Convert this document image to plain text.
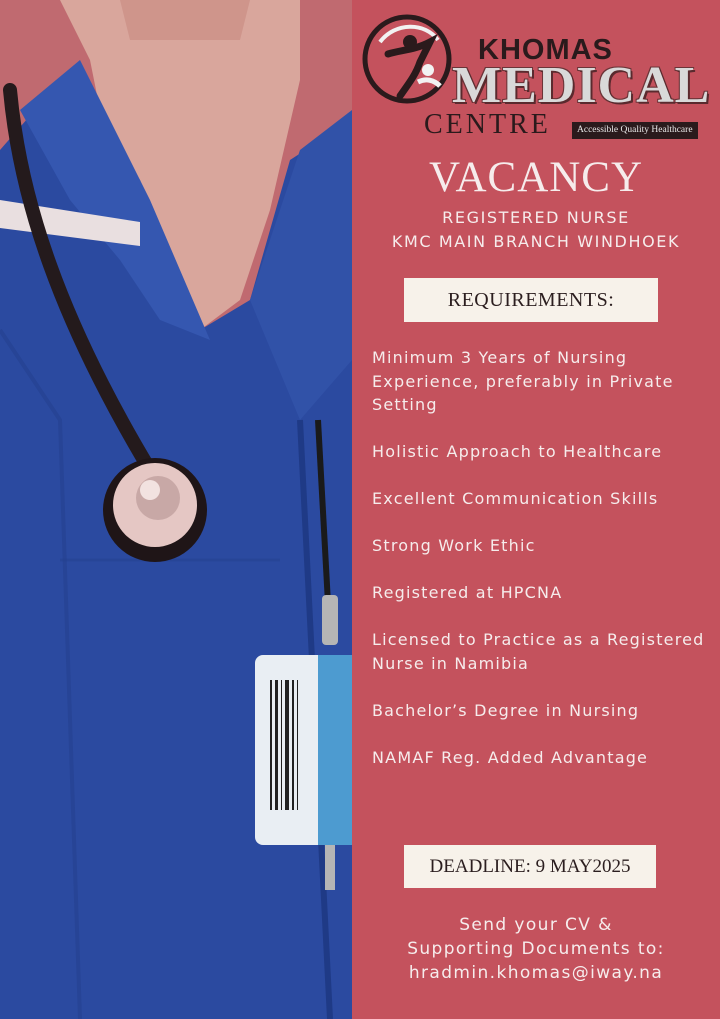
KHOMAS
MEDICAL
CENTRE	Accessible Quality Healthcare
VACANCY
REGISTERED NURSE
KMC MAIN BRANCH WINDHOEK
REQUIREMENTS:
Minimum 3 Years of Nursing Experience, preferably in Private Setting
Holistic Approach to Healthcare
Excellent Communication Skills
Strong Work Ethic
Registered at HPCNA
Licensed to Practice as a Registered Nurse in Namibia
Bachelor’s Degree in Nursing
NAMAF Reg. Added Advantage
DEADLINE: 9 MAY2025
Send your CV &
Supporting Documents to:
hradmin.khomas@iway.na
